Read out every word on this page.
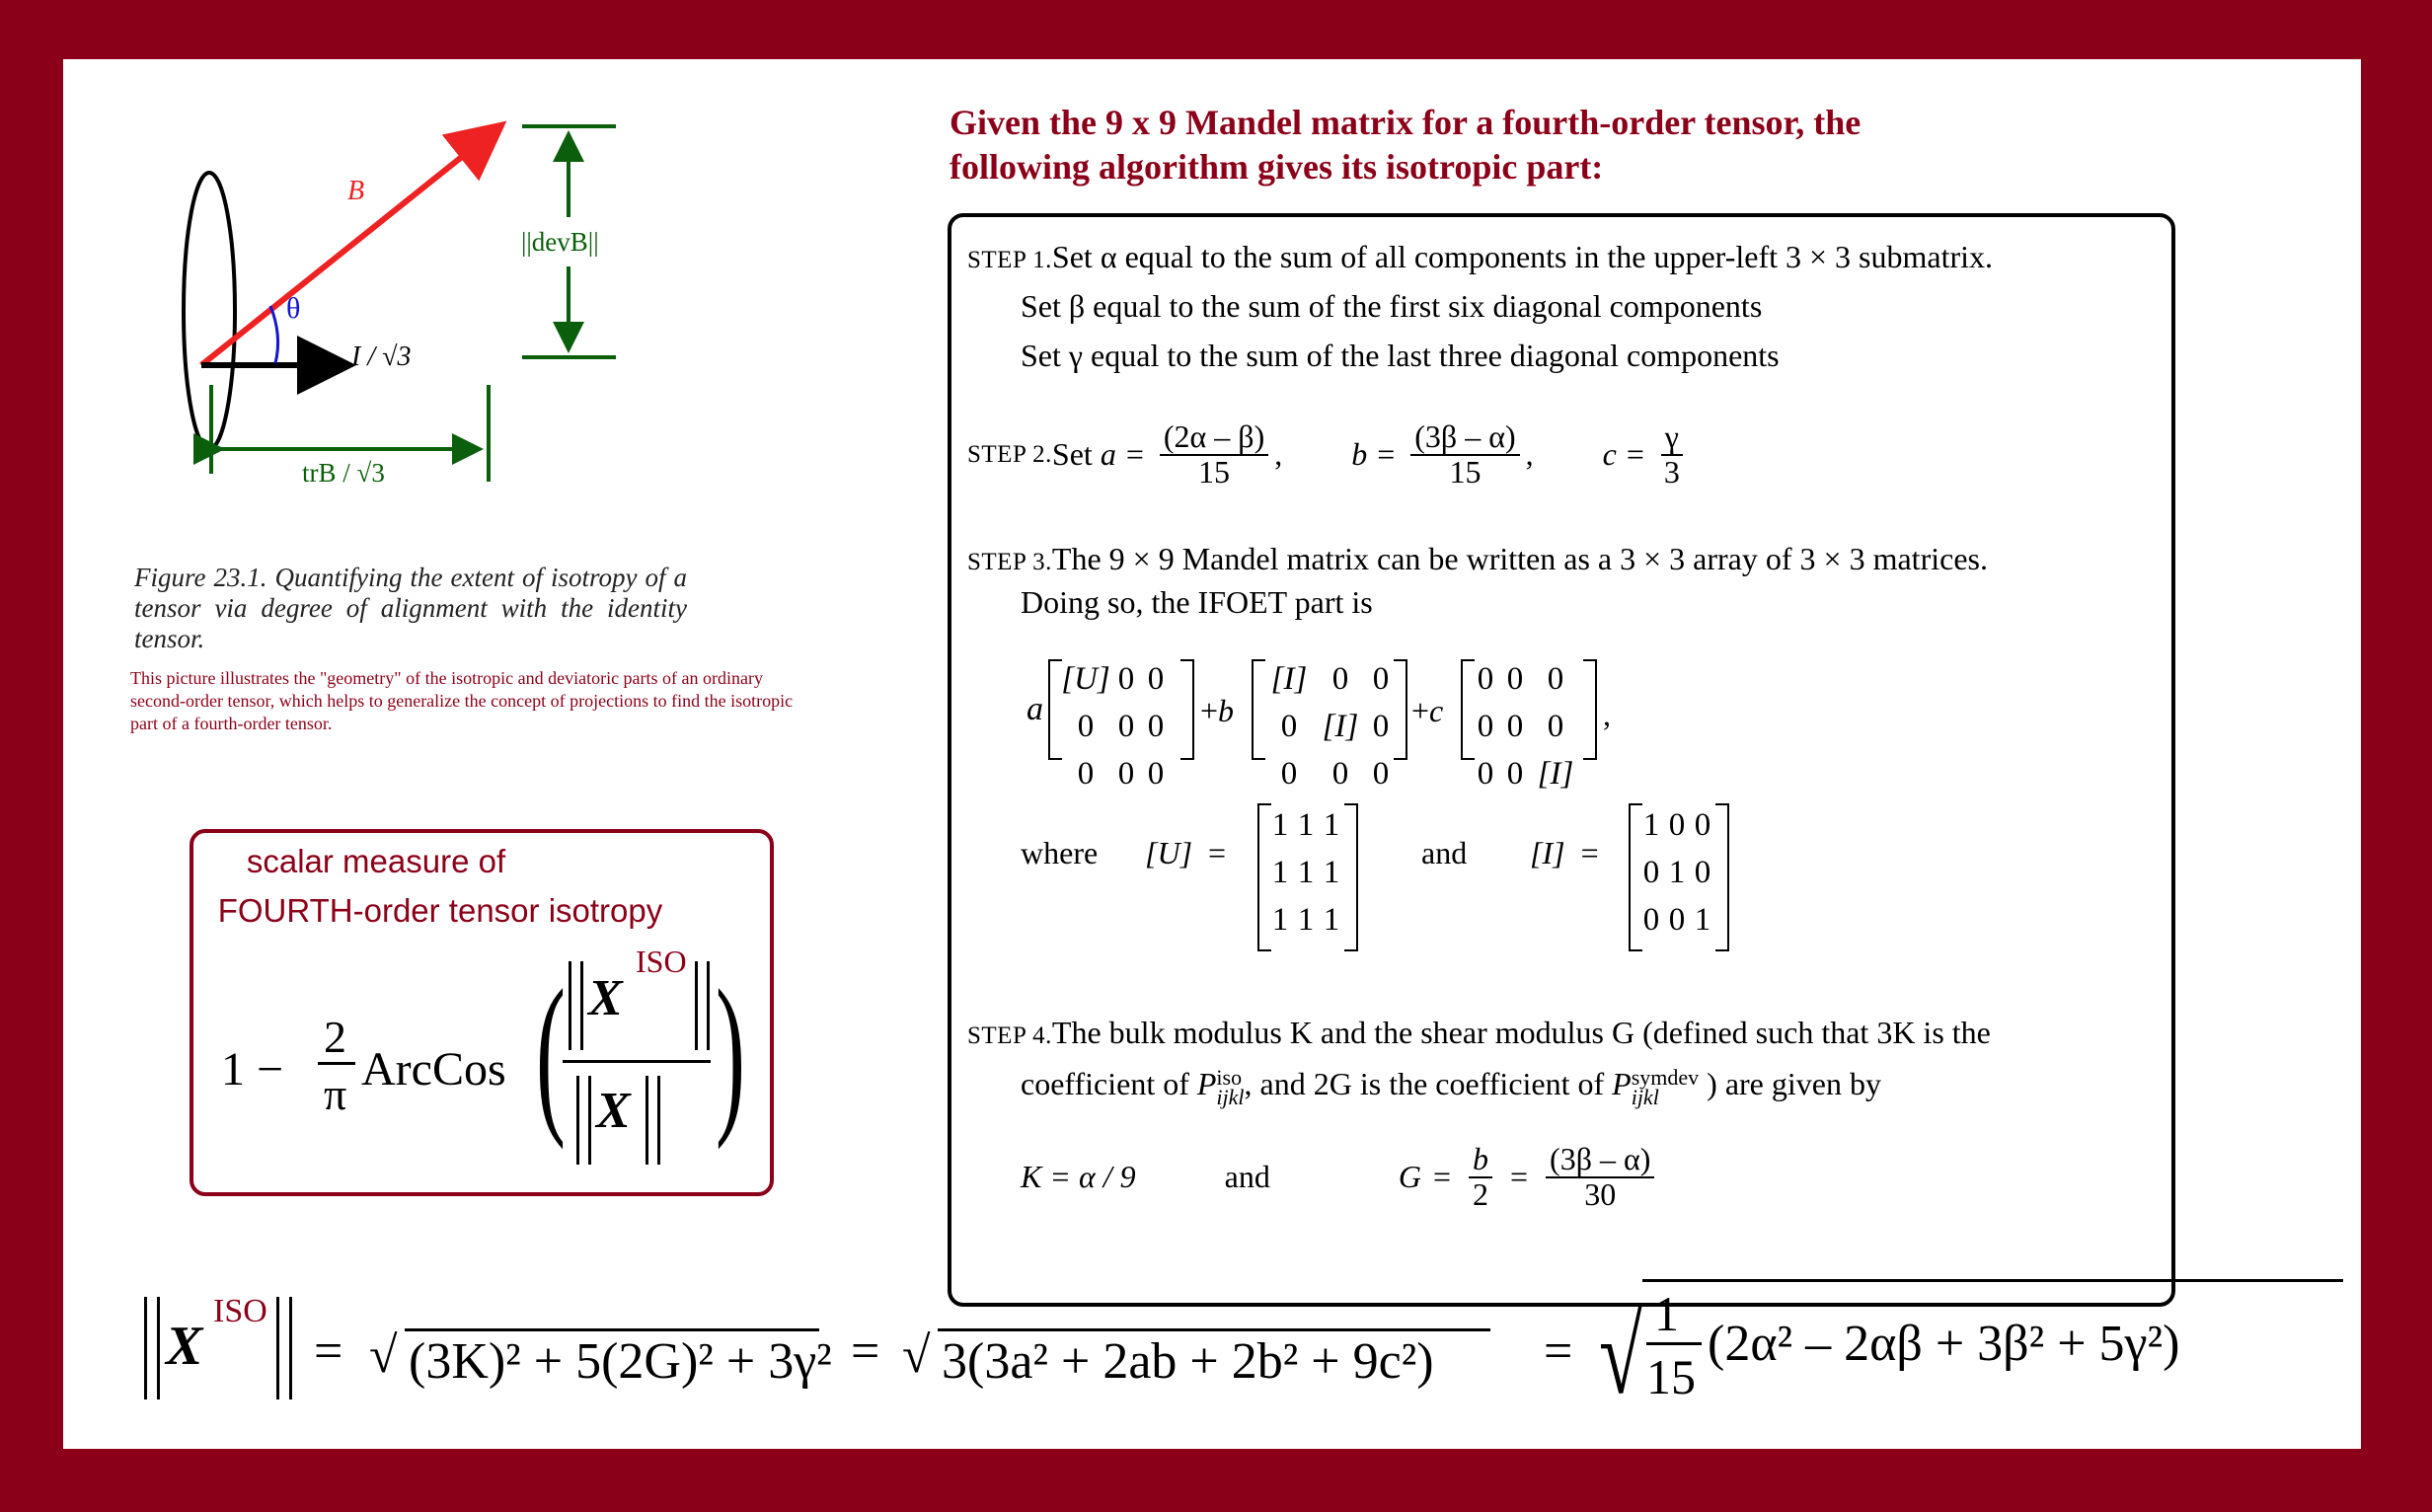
B
θ
I / √3
||devB||
trB / √3
Figure 23.1. Quantifying the extent of isotropy of a tensor via degree of alignment with the identity tensor.
This picture illustrates the "geometry" of the isotropic and deviatoric parts of an ordinary second-order tensor, which helps to generalize the concept of projections to find the isotropic part of a fourth-order tensor.
scalar measure of
FOURTH-order tensor isotropy
1 −
2
π ArcCos ( )
X
ISO
X
Given the 9 x 9 Mandel matrix for a fourth-order tensor, the
following algorithm gives its isotropic part:
STEP 1.Set α equal to the sum of all components in the upper-left 3 × 3 submatrix.
Set β equal to the sum of the first six diagonal components
Set γ equal to the sum of the last three diagonal components
STEP 2. Set $a = \frac{(2\alpha - \beta)}{15}$ , $b = \frac{(3\beta - \alpha)}{15}$ , $c = \frac{\gamma}{3}$
STEP 3.The 9 × 9 Mandel matrix can be written as a 3 × 3 array of 3 × 3 matrices.
Doing so, the IFOET part is
a
[U] 0 0
0 0 0
0 0 0
+b
[I] 0 0
0 [I] 0
0	0 0
+c
0 0 0
0 0 0
0 0 [I]
,
where [U] =
1 1 1
1 1 1
1 1 1
and [I] =
1 0 0
0 1 0
0 0 1
STEP 4.The bulk modulus K and the shear modulus G (defined such that 3K is the
coefficient of P iso
ijkl , and 2G is the coefficient of P symdev
ijkl	) are given by
K = α / 9	and	$G = \frac{b}{2} = \frac{(3\beta - \alpha)}{30}$
X
ISO
= √ (3K)² + 5(2G)² + 3γ² = √ 3(3a² + 2ab + 2b² + 9c²) = √ 1
15
(2α² – 2αβ + 3β² + 5γ²)
